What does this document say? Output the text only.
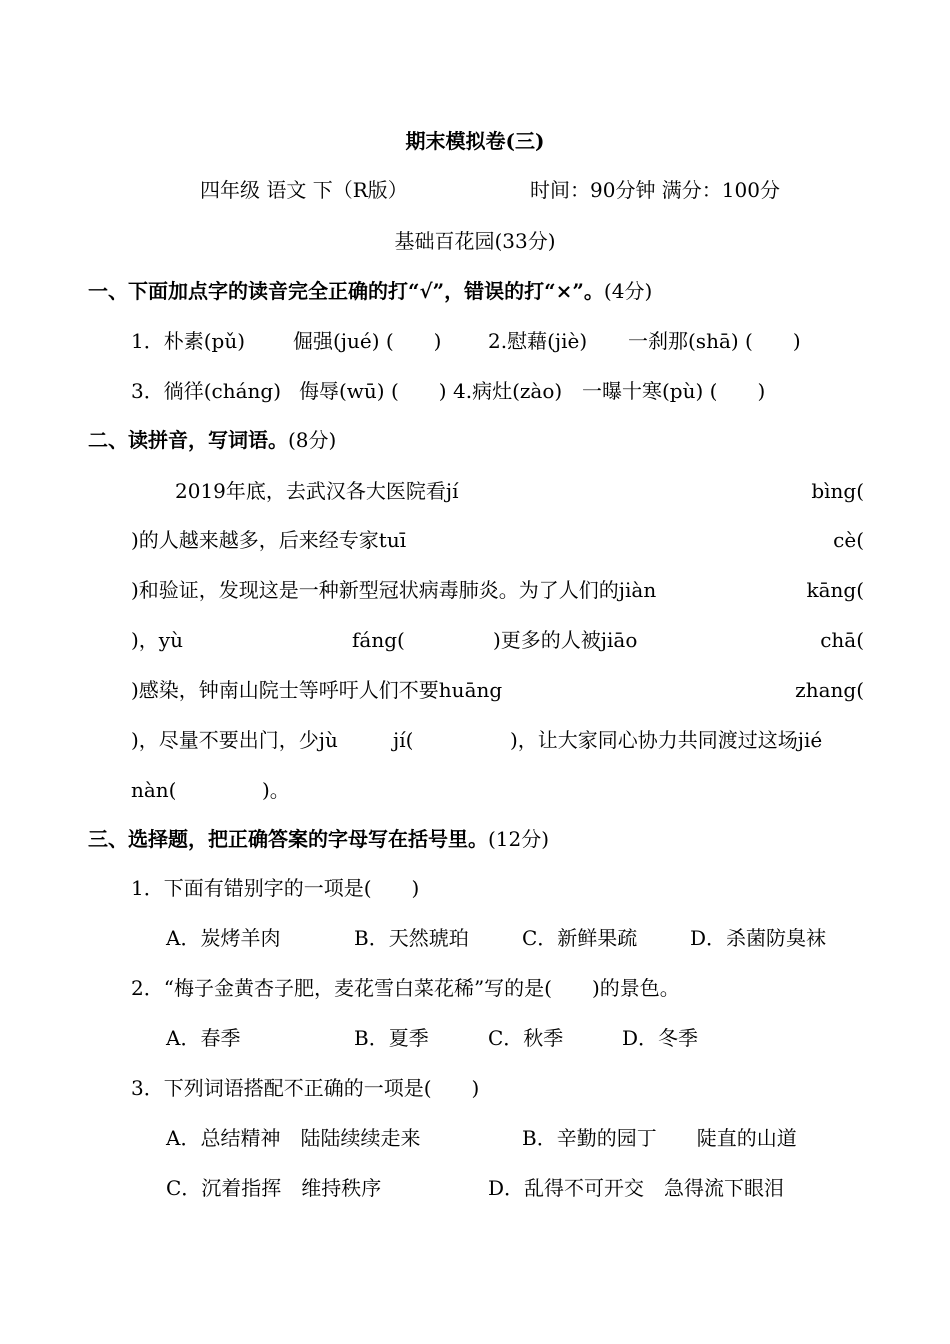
期末模拟卷(三)
四年级 语文 下（R版）	时间：90分钟 满分：100分
基础百花园(33分)
一、下面加点字的读音完全正确的打“√”，错误的打“×”。(4分)
1．朴素(pǔ) 倔强(jué) (　　) 2.慰藉(jiè) 一刹那(shā) (　　)
3．徜徉(cháng) 侮辱(wū) (　　) 4.病灶(zào) 一曝十寒(pù) (　　)
二、读拼音，写词语。(8分)
2019年底，去武汉各大医院看jí	bìng(
)的人越来越多，后来经专家tuī	cè(
)和验证，发现这是一种新型冠状病毒肺炎。为了人们的jiàn	kāng(
)，yù	fáng(	)更多的人被jiāo	chā(
)感染，钟南山院士等呼吁人们不要huāng	zhang(
)，尽量不要出门，少jù	jí(	)，让大家同心协力共同渡过这场jié
nàn(	)。
三、选择题，把正确答案的字母写在括号里。(12分)
1．下面有错别字的一项是(　　)
A．炭烤羊肉	B．天然琥珀	C．新鲜果疏	D．杀菌防臭袜
2．“梅子金黄杏子肥，麦花雪白菜花稀”写的是(　　)的景色。
A．春季	B．夏季	C．秋季	D．冬季
3．下列词语搭配不正确的一项是(　　)
A．总结精神　陆陆续续走来	B．辛勤的园丁　　陡直的山道
C．沉着指挥　维持秩序	D．乱得不可开交　急得流下眼泪
